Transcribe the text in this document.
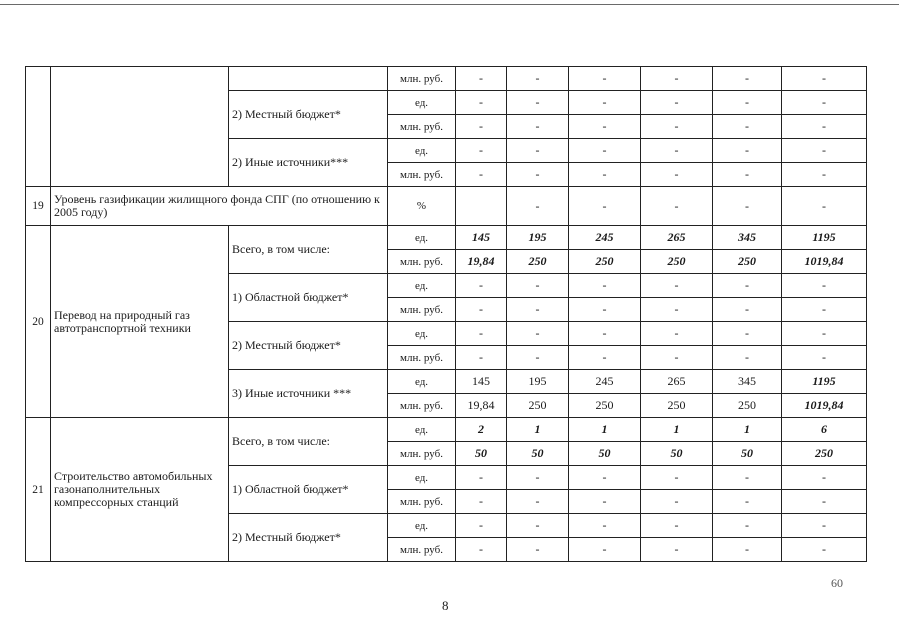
			млн. руб.	-	-	-	-	-	-
		2) Местный бюджет*	ед.	-	-	-	-	-	-
			млн. руб.	-	-	-	-	-	-
		2) Иные источники***	ед.	-	-	-	-	-	-
			млн. руб.	-	-	-	-	-	-
19	Уровень газификации жилищного фонда СПГ (по отношению к 2005 году)		%		-	-	-	-	-
20	Перевод на природный газ автотранспортной техники	Всего, в том числе:	ед.	145	195	245	265	345	1195
			млн. руб.	19,84	250	250	250	250	1019,84
		1) Областной бюджет*	ед.	-	-	-	-	-	-
			млн. руб.	-	-	-	-	-	-
		2) Местный бюджет*	ед.	-	-	-	-	-	-
			млн. руб.	-	-	-	-	-	-
		3) Иные источники ***	ед.	145	195	245	265	345	1195
			млн. руб.	19,84	250	250	250	250	1019,84
21	Строительство автомобильных газонаполнительных компрессорных станций	Всего, в том числе:	ед.	2	1	1	1	1	6
			млн. руб.	50	50	50	50	50	250
		1) Областной бюджет*	ед.	-	-	-	-	-	-
			млн. руб.	-	-	-	-	-	-
		2) Местный бюджет*	ед.	-	-	-	-	-	-
			млн. руб.	-	-	-	-	-	-
60
8
